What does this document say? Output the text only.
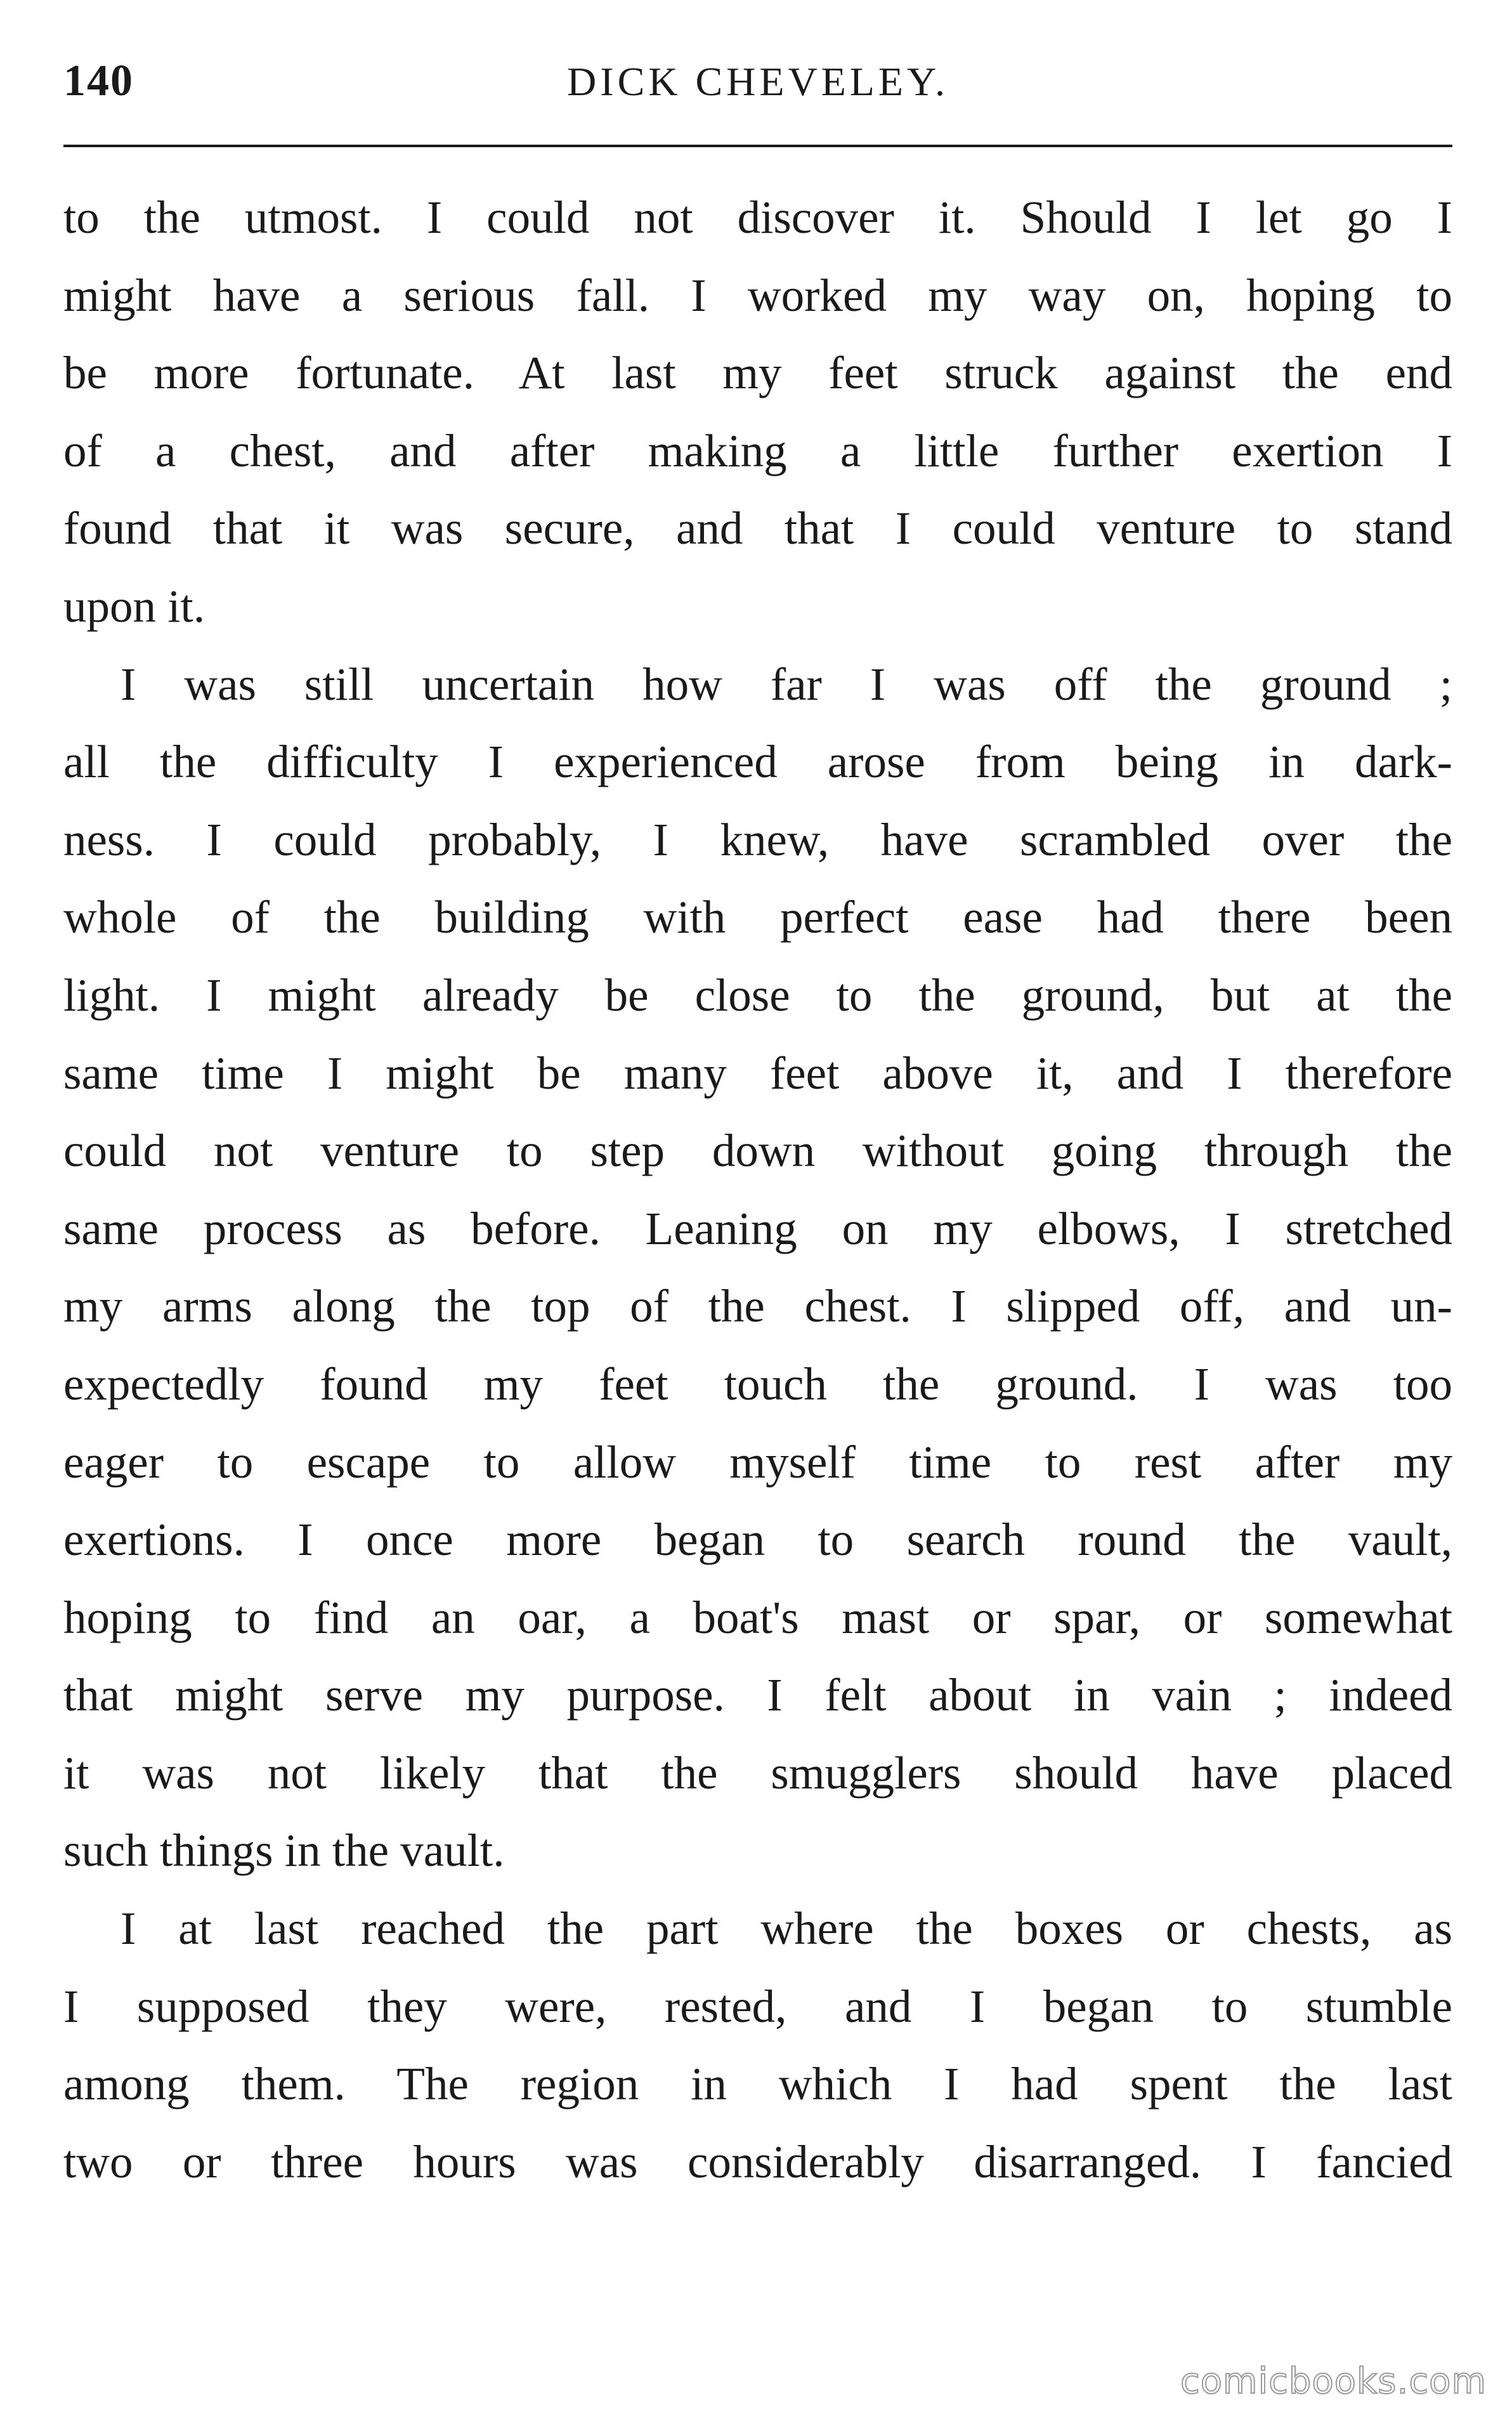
140	DICK CHEVELEY.
to the utmost. I could not discover it. Should I let go I
might have a serious fall. I worked my way on, hoping to
be more fortunate. At last my feet struck against the end
of a chest, and after making a little further exertion I
found that it was secure, and that I could venture to stand
upon it.
I was still uncertain how far I was off the ground ;
all the difficulty I experienced arose from being in dark-
ness. I could probably, I knew, have scrambled over the
whole of the building with perfect ease had there been
light. I might already be close to the ground, but at the
same time I might be many feet above it, and I therefore
could not venture to step down without going through the
same process as before. Leaning on my elbows, I stretched
my arms along the top of the chest. I slipped off, and un-
expectedly found my feet touch the ground. I was too
eager to escape to allow myself time to rest after my
exertions. I once more began to search round the vault,
hoping to find an oar, a boat's mast or spar, or somewhat
that might serve my purpose. I felt about in vain ; indeed
it was not likely that the smugglers should have placed
such things in the vault.
I at last reached the part where the boxes or chests, as
I supposed they were, rested, and I began to stumble
among them. The region in which I had spent the last
two or three hours was considerably disarranged. I fancied
comicbooks.com
